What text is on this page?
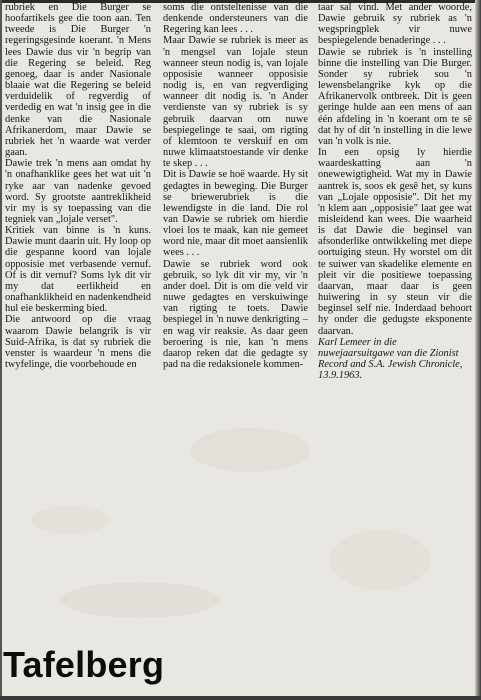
rubriek en Die Burger se hoofartikels gee die toon aan. Ten tweede is Die Burger 'n regeringsgesinde koerant. 'n Mens lees Dawie dus vir 'n begrip van die Regering se beleid. Reg genoeg, daar is ander Nasionale blaaie wat die Regering se beleid verduidelik of regverdig of verdedig en wat 'n insig gee in die denke van die Nasionale Afrikanerdom, maar Dawie se rubriek het 'n waarde wat verder gaan.

Dawie trek 'n mens aan omdat hy 'n onafhanklike gees het wat uit 'n ryke aar van nadenke gevoed word. Sy grootste aantreklikheid vir my is sy toepassing van die tegniek van „lojale verset".

Kritiek van binne is 'n kuns. Dawie munt daarin uit. Hy loop op die gespanne koord van lojale opposisie met verbasende vernuf. Of is dit vernuf? Soms lyk dit vir my dat eerlikheid en onafhanklikheid en nadenkendheid hul eie beskerming bied.

Die antwoord op die vraag waarom Dawie belangrik is vir Suid-Afrika, is dat sy rubriek die venster is waardeur 'n mens die twyfelinge, die voorbehoude en

soms die ontsteltenisse van die denkende ondersteuners van die Regering kan lees . . .

Maar Dawie se rubriek is meer as 'n mengsel van lojale steun wanneer steun nodig is, van lojale opposisie wanneer opposisie nodig is, en van regverdiging wanneer dit nodig is. 'n Ander verdienste van sy rubriek is sy gebruik daarvan om nuwe bespiegelinge te saai, om rigting of klemtoon te verskuif en om nuwe klimaatstoestande vir denke te skep . . .

Dit is Dawie se hoë waarde. Hy sit gedagtes in beweging. Die Burger se briewerubriek is die lewendigste in die land. Die rol van Dawie se rubriek om hierdie vloei los te maak, kan nie gemeet word nie, maar dit moet aansienlik wees . . .

Dawie se rubriek word ook gebruik, so lyk dit vir my, vir 'n ander doel. Dit is om die veld vir nuwe gedagtes en verskuiwinge van rigting te toets. Dawie bespiegel in 'n nuwe denkrigting – en wag vir reaksie. As daar geen beroering is nie, kan 'n mens daarop reken dat die gedagte sy pad na die redaksionele kommen-

taar sal vind. Met ander woorde, Dawie gebruik sy rubriek as 'n wegspringplek vir nuwe bespiegelende benaderinge . . .

Dawie se rubriek is 'n instelling binne die instelling van Die Burger. Sonder sy rubriek sou 'n lewensbelangrike kyk op die Afrikanervolk ontbreek. Dit is geen geringe hulde aan een mens of aan één afdeling in 'n koerant om te sê dat hy of dit 'n instelling in die lewe van 'n volk is nie.

In een opsig ly hierdie waardeskatting aan 'n onewewigtigheid. Wat my in Dawie aantrek is, soos ek gesê het, sy kuns van „Lojale opposisie". Dit het my 'n klem aan „opposisie" laat gee wat misleidend kan wees. Die waarheid is dat Dawie die beginsel van afsonderlike ontwikkeling met diepe oortuiging steun. Hy worstel om dit te suiwer van skadelike elemente en pleit vir die positiewe toepassing daarvan, maar daar is geen huiwering in sy steun vir die beginsel self nie. Inderdaad behoort hy onder die gedugste eksponente daarvan.

Karl Lemeer in die nuwejaarsuitgawe van die Zionist Record and S.A. Jewish Chronicle, 13.9.1963.

Tafelberg
